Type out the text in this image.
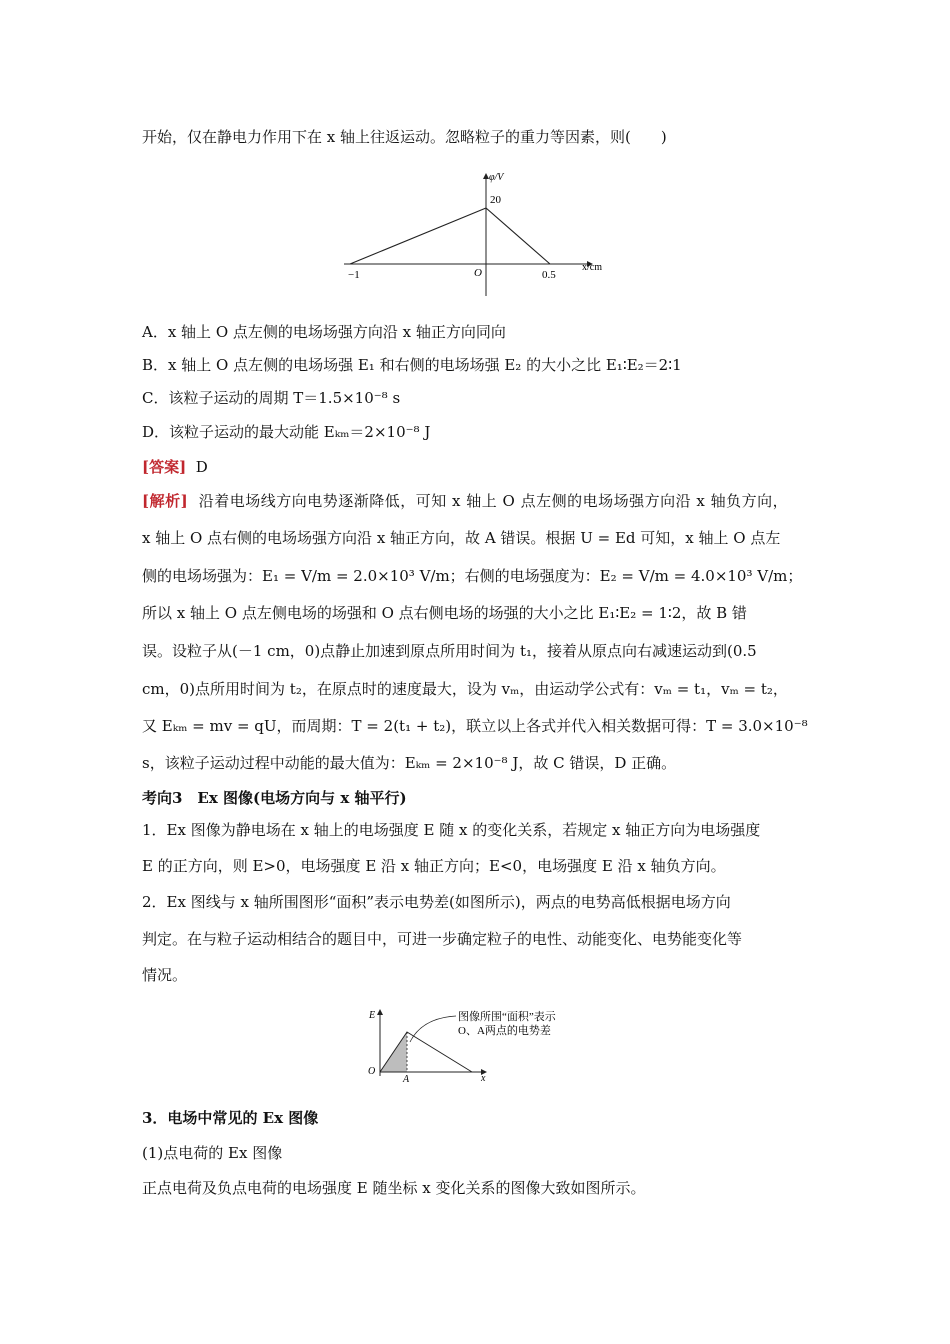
开始，仅在静电力作用下在 x 轴上往返运动。忽略粒子的重力等因素，则(　　)
φ/V
20
−1	O	0.5
x/cm
A．x 轴上 O 点左侧的电场场强方向沿 x 轴正方向同向
B．x 轴上 O 点左侧的电场场强 E₁ 和右侧的电场场强 E₂ 的大小之比 E₁∶E₂＝2∶1
C．该粒子运动的周期 T＝1.5×10⁻⁸ s
D．该粒子运动的最大动能 Eₖₘ＝2×10⁻⁸ J
[答案] D
[解析] 沿着电场线方向电势逐渐降低，可知 x 轴上 O 点左侧的电场场强方向沿 x 轴负方向，
x 轴上 O 点右侧的电场场强方向沿 x 轴正方向，故 A 错误。根据 U = Ed 可知，x 轴上 O 点左
侧的电场场强为：E₁ = V/m = 2.0×10³ V/m；右侧的电场强度为：E₂ = V/m = 4.0×10³ V/m；
所以 x 轴上 O 点左侧电场的场强和 O 点右侧电场的场强的大小之比 E₁∶E₂ = 1∶2，故 B 错
误。设粒子从(－1 cm，0)点静止加速到原点所用时间为 t₁，接着从原点向右减速运动到(0.5
cm，0)点所用时间为 t₂，在原点时的速度最大，设为 vₘ，由运动学公式有：vₘ = t₁，vₘ = t₂，
又 Eₖₘ = mv = qU，而周期：T = 2(t₁ + t₂)，联立以上各式并代入相关数据可得：T = 3.0×10⁻⁸
s，该粒子运动过程中动能的最大值为：Eₖₘ = 2×10⁻⁸ J，故 C 错误，D 正确。
考向3　Ex 图像(电场方向与 x 轴平行)
1．Ex 图像为静电场在 x 轴上的电场强度 E 随 x 的变化关系，若规定 x 轴正方向为电场强度
E 的正方向，则 E>0，电场强度 E 沿 x 轴正方向；E<0，电场强度 E 沿 x 轴负方向。
2．Ex 图线与 x 轴所围图形“面积”表示电势差(如图所示)，两点的电势高低根据电场方向
判定。在与粒子运动相结合的题目中，可进一步确定粒子的电性、动能变化、电势能变化等
情况。
E
O
A	x
图像所围“面积”表示
O、A两点的电势差
3．电场中常见的 Ex 图像
(1)点电荷的 Ex 图像
正点电荷及负点电荷的电场强度 E 随坐标 x 变化关系的图像大致如图所示。
